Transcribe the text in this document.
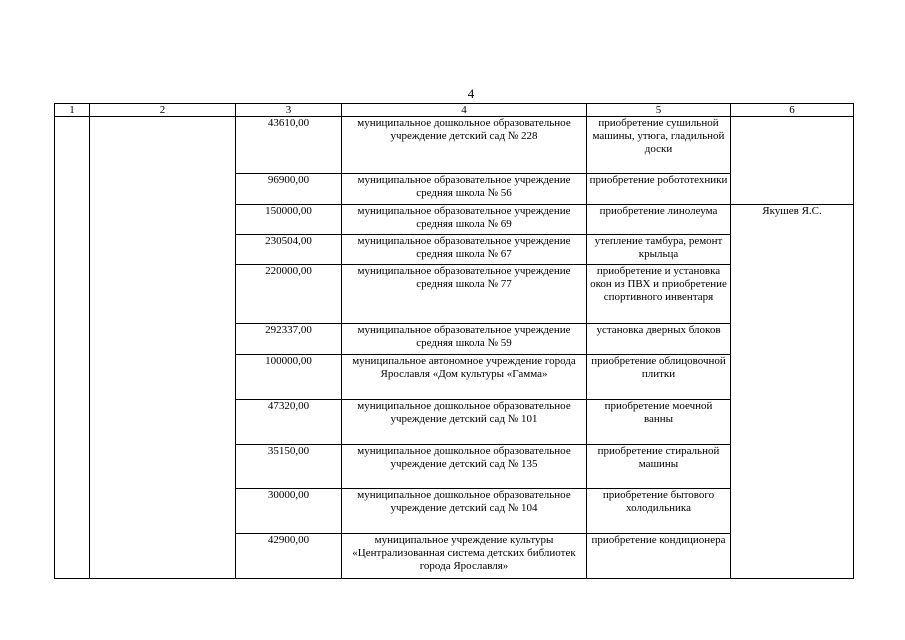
4
1	2	3	4	5	6
		43610,00	муниципальное дошкольное образовательное учреждение детский сад № 228	приобретение сушильной машины, утюга, гладильной доски	
		96900,00	муниципальное образовательное учреждение средняя школа № 56	приобретение робототехники	
		150000,00	муниципальное образовательное учреждение средняя школа № 69	приобретение линолеума	Якушев Я.С.
		230504,00	муниципальное образовательное учреждение средняя школа № 67	утепление тамбура, ремонт крыльца	
		220000,00	муниципальное образовательное учреждение средняя школа № 77	приобретение и установка окон из ПВХ и приобретение спортивного инвентаря	
		292337,00	муниципальное образовательное учреждение средняя школа № 59	установка дверных блоков	
		100000,00	муниципальное автономное учреждение города Ярославля «Дом культуры «Гамма»	приобретение облицовочной плитки	
		47320,00	муниципальное дошкольное образовательное учреждение детский сад № 101	приобретение моечной ванны	
		35150,00	муниципальное дошкольное образовательное учреждение детский сад № 135	приобретение стиральной машины	
		30000,00	муниципальное дошкольное образовательное учреждение детский сад № 104	приобретение бытового холодильника	
		42900,00	муниципальное учреждение культуры «Централизованная система детских библиотек города Ярославля»	приобретение кондиционера	
